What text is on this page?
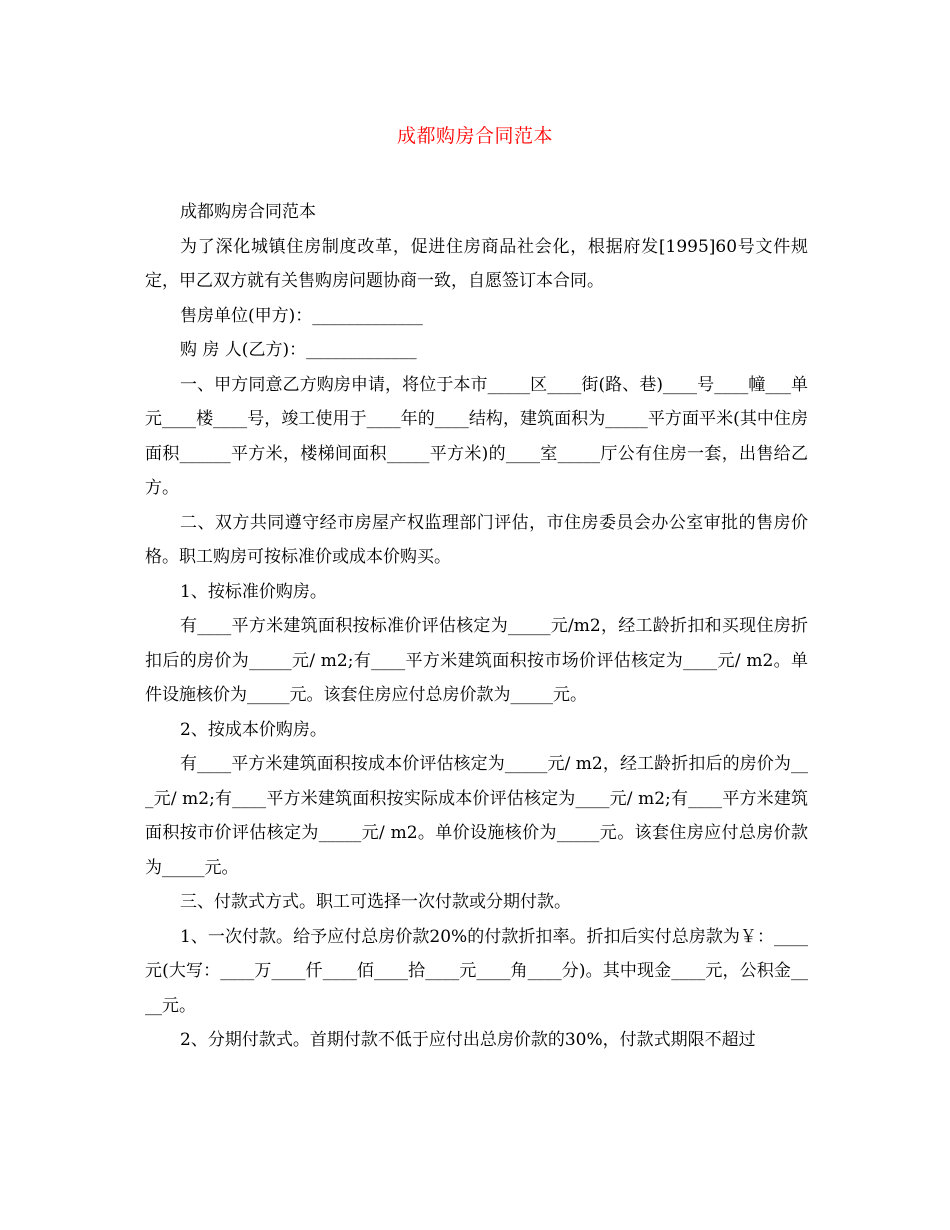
成都购房合同范本

成都购房合同范本

为了深化城镇住房制度改革，促进住房商品社会化，根据府发[1995]60号文件规定，甲乙双方就有关售购房问题协商一致，自愿签订本合同。

售房单位(甲方)：_____________

购 房 人(乙方)：_____________

一、甲方同意乙方购房申请，将位于本市_____区____街(路、巷)____号____幢___单元____楼____号，竣工使用于____年的____结构，建筑面积为_____平方面平米(其中住房面积______平方米，楼梯间面积_____平方米)的____室_____厅公有住房一套，出售给乙方。

二、双方共同遵守经市房屋产权监理部门评估，市住房委员会办公室审批的售房价格。职工购房可按标准价或成本价购买。

1、按标准价购房。

有____平方米建筑面积按标准价评估核定为_____元/m2，经工龄折扣和买现住房折扣后的房价为_____元/ m2;有____平方米建筑面积按市场价评估核定为____元/ m2。单件设施核价为_____元。该套住房应付总房价款为_____元。

2、按成本价购房。

有____平方米建筑面积按成本价评估核定为_____元/ m2，经工龄折扣后的房价为___元/ m2;有____平方米建筑面积按实际成本价评估核定为____元/ m2;有____平方米建筑面积按市价评估核定为_____元/ m2。单价设施核价为_____元。该套住房应付总房价款为_____元。

三、付款式方式。职工可选择一次付款或分期付款。

1、一次付款。给予应付总房价款20%的付款折扣率。折扣后实付总房款为￥：____元(大写：____万____仟____佰____拾____元____角____分)。其中现金____元，公积金____元。

2、分期付款式。首期付款不低于应付出总房价款的30%，付款式期限不超过
